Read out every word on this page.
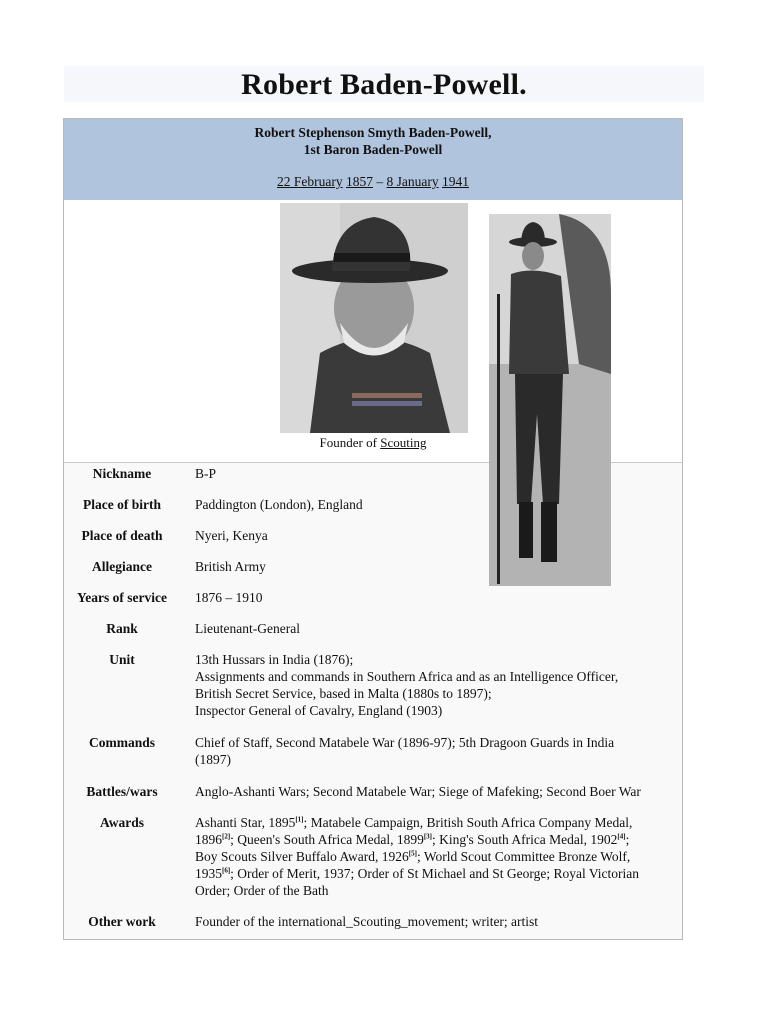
Robert Baden-Powell.
Robert Stephenson Smyth Baden-Powell,
1st Baron Baden-Powell
22 February 1857 – 8 January 1941
Founder of Scouting
Nickname	B-P
Place of birth	Paddington (London), England
Place of death	Nyeri, Kenya
Allegiance	British Army
Years of service	1876 – 1910
Rank	Lieutenant-General
Unit	13th Hussars in India (1876);
Assignments and commands in Southern Africa and as an Intelligence Officer,
British Secret Service, based in Malta (1880s to 1897);
Inspector General of Cavalry, England (1903)
Commands	Chief of Staff, Second Matabele War (1896-97); 5th Dragoon Guards in India
(1897)
Battles/wars	Anglo-Ashanti Wars; Second Matabele War; Siege of Mafeking; Second Boer War
Awards	Ashanti Star, 1895[1]; Matabele Campaign, British South Africa Company Medal,
1896[2]; Queen's South Africa Medal, 1899[3]; King's South Africa Medal, 1902[4];
Boy Scouts Silver Buffalo Award, 1926[5]; World Scout Committee Bronze Wolf,
1935[6]; Order of Merit, 1937; Order of St Michael and St George; Royal Victorian
Order; Order of the Bath
Other work	Founder of the international_Scouting_movement; writer; artist
